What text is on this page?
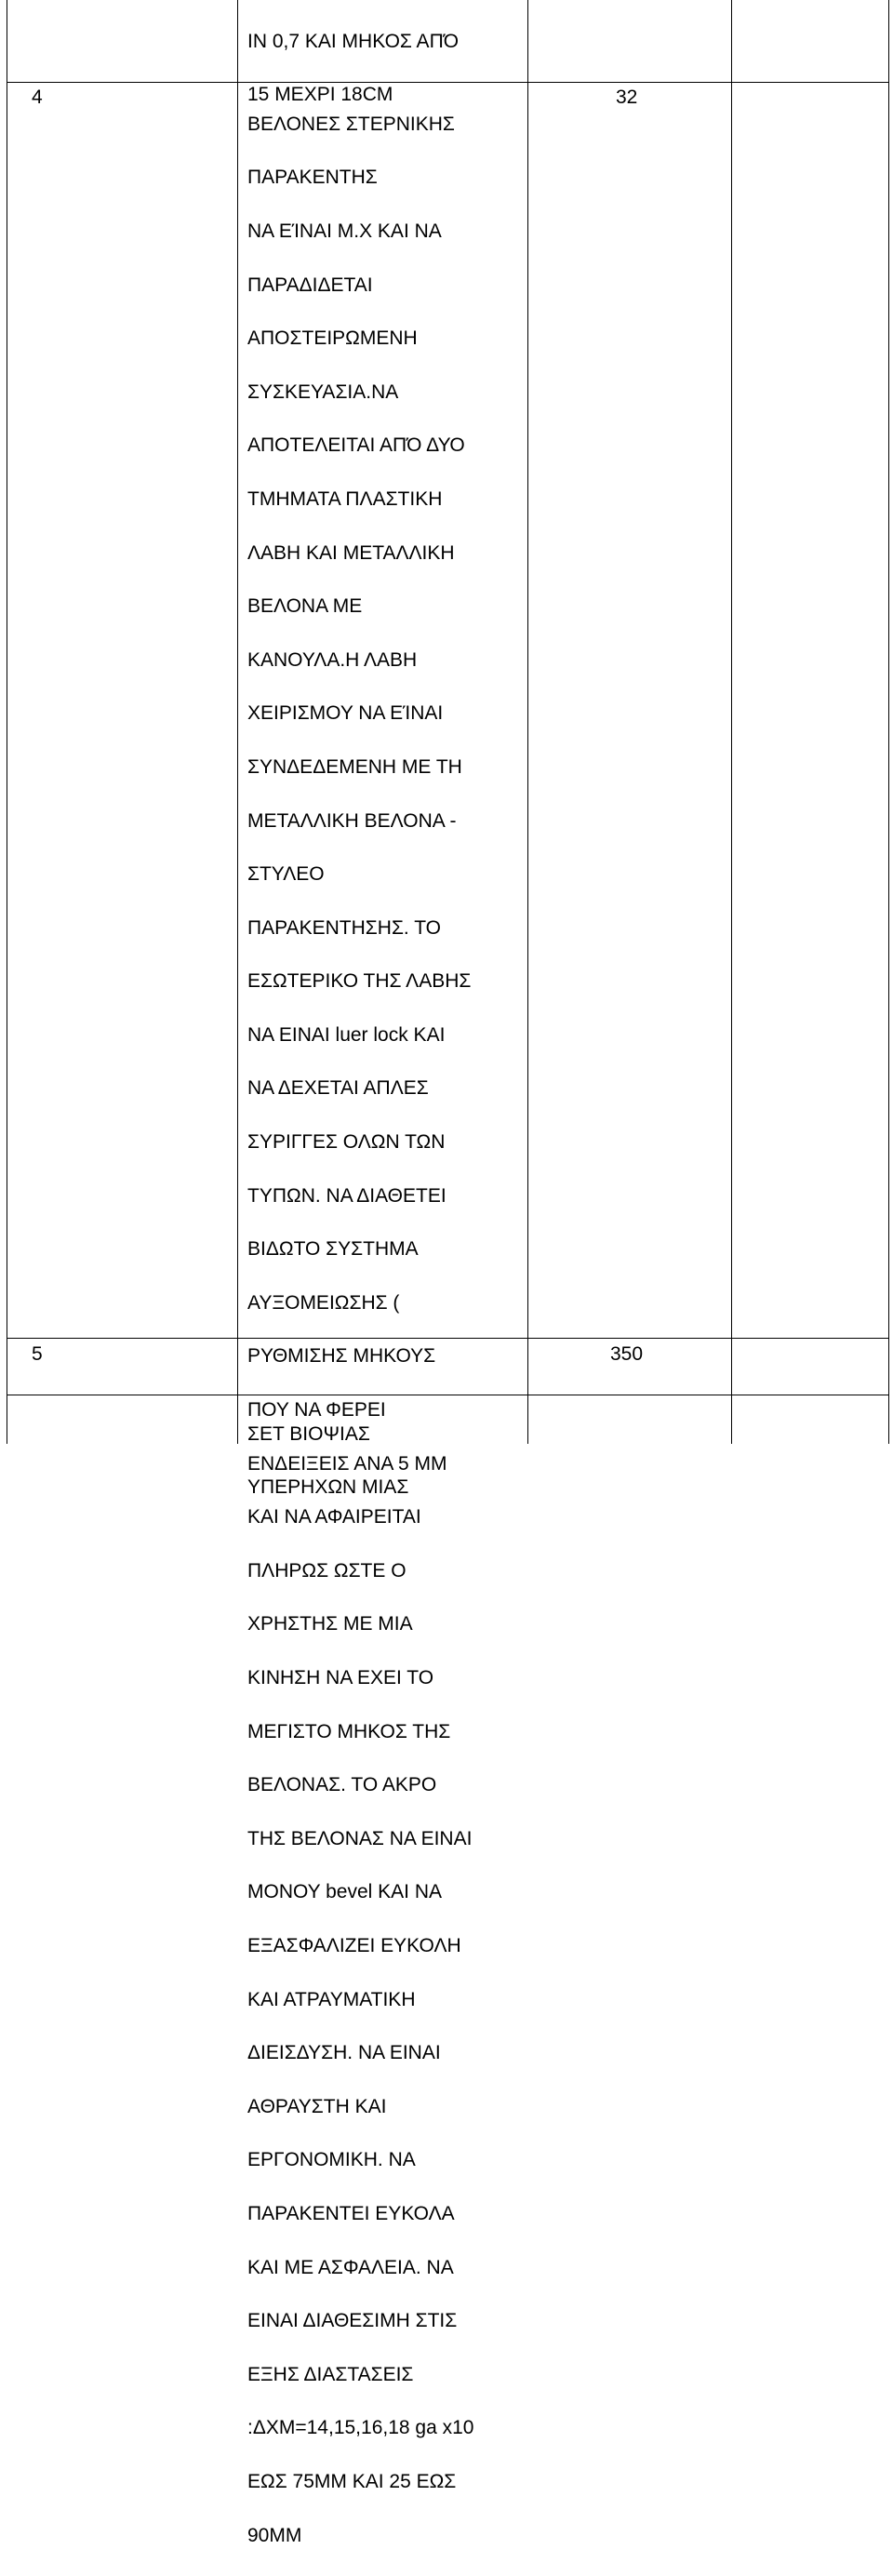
IN 0,7 ΚΑΙ ΜΗΚΟΣ ΑΠΌ

15 ΜΕΧΡΙ 18CM

4	32

ΒΕΛΟΝΕΣ ΣΤΕΡΝΙΚΗΣ

ΠΑΡΑΚΕΝΤΗΣ

ΝΑ ΕΊΝΑΙ Μ.Χ ΚΑΙ ΝΑ

ΠΑΡΑΔΙΔΕΤΑΙ

ΑΠΟΣΤΕΙΡΩΜΕΝΗ

ΣΥΣΚΕΥΑΣΙΑ.ΝΑ

ΑΠΟΤΕΛΕΙΤΑΙ ΑΠΌ ΔΥΟ

ΤΜΗΜΑΤΑ ΠΛΑΣΤΙΚΗ

ΛΑΒΗ ΚΑΙ ΜΕΤΑΛΛΙΚΗ

ΒΕΛΟΝΑ ΜΕ

ΚΑΝΟΥΛΑ.Η ΛΑΒΗ

ΧΕΙΡΙΣΜΟΥ ΝΑ ΕΊΝΑΙ

ΣΥΝΔΕΔΕΜΕΝΗ ΜΕ ΤΗ

ΜΕΤΑΛΛΙΚΗ ΒΕΛΟΝΑ -

ΣΤΥΛΕΟ

ΠΑΡΑΚΕΝΤΗΣΗΣ. ΤΟ

ΕΣΩΤΕΡΙΚΟ ΤΗΣ ΛΑΒΗΣ

ΝΑ ΕΙΝΑΙ luer lock ΚΑΙ

ΝΑ ΔΕΧΕΤΑΙ ΑΠΛΕΣ

ΣΥΡΙΓΓΕΣ ΟΛΩΝ ΤΩΝ

ΤΥΠΩΝ. ΝΑ ΔΙΑΘΕΤΕΙ

ΒΙΔΩΤΟ ΣΥΣΤΗΜΑ

ΑΥΞΟΜΕΙΩΣΗΣ (

ΡΥΘΜΙΣΗΣ ΜΗΚΟΥΣ

ΠΟΥ ΝΑ ΦΕΡΕΙ

ΕΝΔΕΙΞΕΙΣ ΑΝΑ 5 ΜΜ

ΚΑΙ ΝΑ ΑΦΑΙΡΕΙΤΑΙ

ΠΛΗΡΩΣ ΩΣΤΕ Ο

ΧΡΗΣΤΗΣ ΜΕ ΜΙΑ

ΚΙΝΗΣΗ ΝΑ ΕΧΕΙ ΤΟ

ΜΕΓΙΣΤΟ ΜΗΚΟΣ ΤΗΣ

ΒΕΛΟΝΑΣ. ΤΟ ΑΚΡΟ

ΤΗΣ ΒΕΛΟΝΑΣ ΝΑ ΕΙΝΑΙ

ΜΟΝΟΥ bevel ΚΑΙ ΝΑ

ΕΞΑΣΦΑΛΙΖΕΙ ΕΥΚΟΛΗ

ΚΑΙ ΑΤΡΑΥΜΑΤΙΚΗ

ΔΙΕΙΣΔΥΣΗ. ΝΑ ΕΙΝΑΙ

ΑΘΡΑΥΣΤΗ ΚΑΙ

ΕΡΓΟΝΟΜΙΚΗ. ΝΑ

ΠΑΡΑΚΕΝΤΕΙ ΕΥΚΟΛΑ

ΚΑΙ ΜΕ ΑΣΦΑΛΕΙΑ. ΝΑ

ΕΙΝΑΙ ΔΙΑΘΕΣΙΜΗ ΣΤΙΣ

ΕΞΗΣ ΔΙΑΣΤΑΣΕΙΣ

:ΔΧΜ=14,15,16,18 ga x10

ΕΩΣ 75ΜΜ ΚΑΙ 25 ΕΩΣ

90ΜΜ

5	350

ΣΕΤ ΒΙΟΨΙΑΣ

ΥΠΕΡΗΧΩΝ ΜΙΑΣ
